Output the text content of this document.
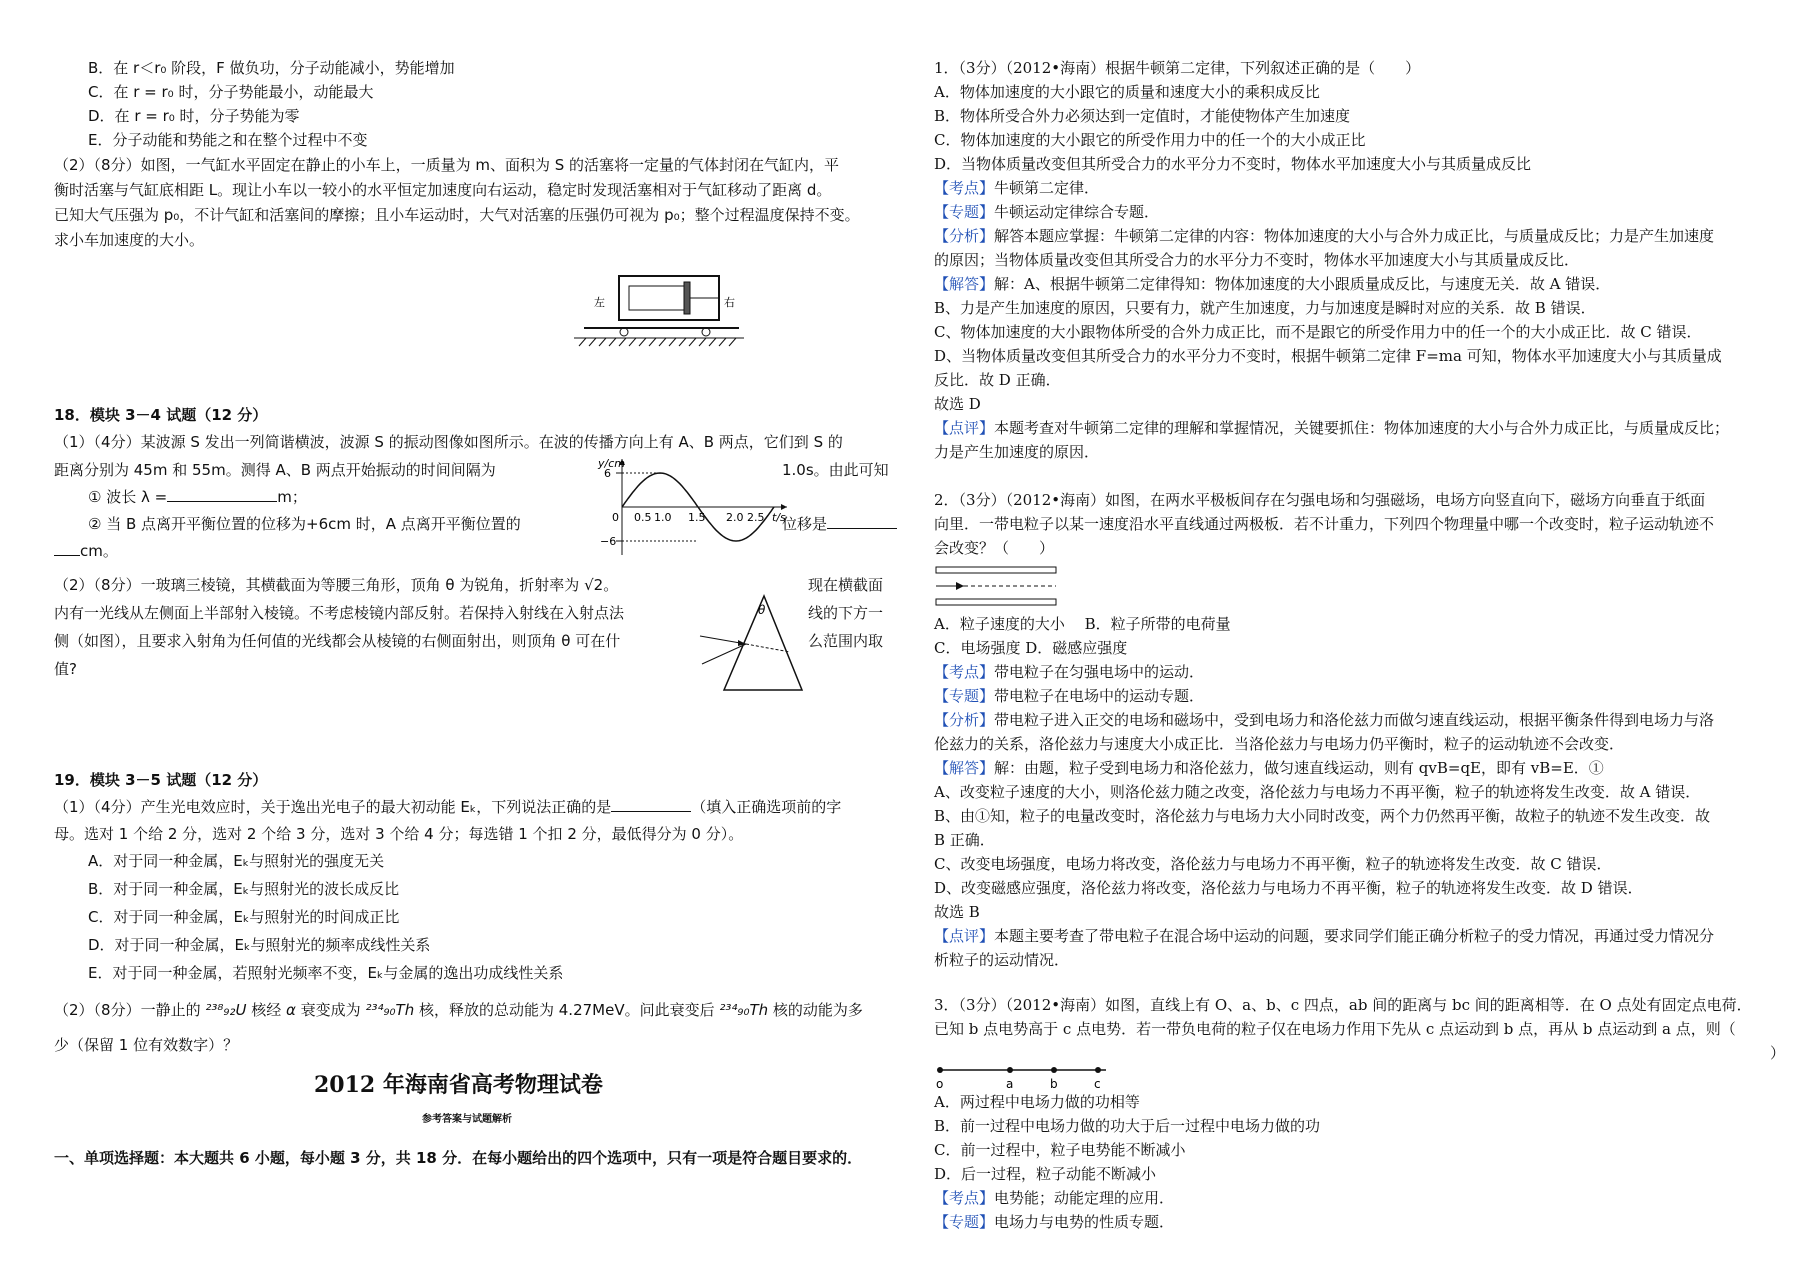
B．在 r＜r₀ 阶段，F 做负功，分子动能减小，势能增加
C．在 r = r₀ 时，分子势能最小，动能最大
D．在 r = r₀ 时，分子势能为零
E．分子动能和势能之和在整个过程中不变
（2）（8分）如图，一气缸水平固定在静止的小车上，一质量为 m、面积为 S 的活塞将一定量的气体封闭在气缸内，平
衡时活塞与气缸底相距 L。现让小车以一较小的水平恒定加速度向右运动，稳定时发现活塞相对于气缸移动了距离 d。
已知大气压强为 p₀，不计气缸和活塞间的摩擦；且小车运动时，大气对活塞的压强仍可视为 p₀；整个过程温度保持不变。
求小车加速度的大小。
左	右
18．模块 3－4 试题（12 分）
（1）（4分）某波源 S 发出一列简谐横波，波源 S 的振动图像如图所示。在波的传播方向上有 A、B 两点，它们到 S 的
距离分别为 45m 和 55m。测得 A、B 两点开始振动的时间间隔为	1.0s。由此可知
① 波长 λ =	m；
② 当 B 点离开平衡位置的位移为+6cm 时，A 点离开平衡位置的	位移是
cm。
y/cm
6
−6
0 0.5 1.0 1.5 2.0 2.5 t/s
（2）（8分）一玻璃三棱镜，其横截面为等腰三角形，顶角 θ 为锐角，折射率为 √2。	现在横截面
内有一光线从左侧面上半部射入棱镜。不考虑棱镜内部反射。若保持入射线在入射点法	线的下方一
侧（如图），且要求入射角为任何值的光线都会从棱镜的右侧面射出，则顶角 θ 可在什	么范围内取
值?
θ
19．模块 3－5 试题（12 分）
（1）（4分）产生光电效应时，关于逸出光电子的最大初动能 Eₖ，下列说法正确的是	（填入正确选项前的字
母。选对 1 个给 2 分，选对 2 个给 3 分，选对 3 个给 4 分；每选错 1 个扣 2 分，最低得分为 0 分）。
A．对于同一种金属，Eₖ与照射光的强度无关
B．对于同一种金属，Eₖ与照射光的波长成反比
C．对于同一种金属，Eₖ与照射光的时间成正比
D．对于同一种金属，Eₖ与照射光的频率成线性关系
E．对于同一种金属，若照射光频率不变，Eₖ与金属的逸出功成线性关系
（2）（8分）一静止的 ²³⁸₉₂U 核经 α 衰变成为 ²³⁴₉₀Th 核，释放的总动能为 4.27MeV。问此衰变后 ²³⁴₉₀Th 核的动能为多
少（保留 1 位有效数字）？
2012 年海南省高考物理试卷
参考答案与试题解析
一、单项选择题：本大题共 6 小题，每小题 3 分，共 18 分．在每小题给出的四个选项中，只有一项是符合题目要求的．
1．（3分）（2012•海南）根据牛顿第二定律，下列叙述正确的是（　　）
A．物体加速度的大小跟它的质量和速度大小的乘积成反比
B．物体所受合外力必须达到一定值时，才能使物体产生加速度
C．物体加速度的大小跟它的所受作用力中的任一个的大小成正比
D．当物体质量改变但其所受合力的水平分力不变时，物体水平加速度大小与其质量成反比
【考点】牛顿第二定律．
【专题】牛顿运动定律综合专题．
【分析】解答本题应掌握：牛顿第二定律的内容：物体加速度的大小与合外力成正比，与质量成反比；力是产生加速度
的原因；当物体质量改变但其所受合力的水平分力不变时，物体水平加速度大小与其质量成反比．
【解答】解：A、根据牛顿第二定律得知：物体加速度的大小跟质量成反比，与速度无关．故 A 错误．
B、力是产生加速度的原因，只要有力，就产生加速度，力与加速度是瞬时对应的关系．故 B 错误．
C、物体加速度的大小跟物体所受的合外力成正比，而不是跟它的所受作用力中的任一个的大小成正比．故 C 错误．
D、当物体质量改变但其所受合力的水平分力不变时，根据牛顿第二定律 F=ma 可知，物体水平加速度大小与其质量成
反比．故 D 正确．
故选 D
【点评】本题考查对牛顿第二定律的理解和掌握情况，关键要抓住：物体加速度的大小与合外力成正比，与质量成反比；
力是产生加速度的原因．
2．（3分）（2012•海南）如图，在两水平极板间存在匀强电场和匀强磁场，电场方向竖直向下，磁场方向垂直于纸面
向里．一带电粒子以某一速度沿水平直线通过两极板．若不计重力，下列四个物理量中哪一个改变时，粒子运动轨迹不
会改变？（　　）
A．粒子速度的大小　 B．粒子所带的电荷量
C．电场强度 D．磁感应强度
【考点】带电粒子在匀强电场中的运动．
【专题】带电粒子在电场中的运动专题．
【分析】带电粒子进入正交的电场和磁场中，受到电场力和洛伦兹力而做匀速直线运动，根据平衡条件得到电场力与洛
伦兹力的关系，洛伦兹力与速度大小成正比．当洛伦兹力与电场力仍平衡时，粒子的运动轨迹不会改变．
【解答】解：由题，粒子受到电场力和洛伦兹力，做匀速直线运动，则有 qvB=qE，即有 vB=E．①
A、改变粒子速度的大小，则洛伦兹力随之改变，洛伦兹力与电场力不再平衡，粒子的轨迹将发生改变．故 A 错误．
B、由①知，粒子的电量改变时，洛伦兹力与电场力大小同时改变，两个力仍然再平衡，故粒子的轨迹不发生改变．故
B 正确．
C、改变电场强度，电场力将改变，洛伦兹力与电场力不再平衡，粒子的轨迹将发生改变．故 C 错误．
D、改变磁感应强度，洛伦兹力将改变，洛伦兹力与电场力不再平衡，粒子的轨迹将发生改变．故 D 错误．
故选 B
【点评】本题主要考查了带电粒子在混合场中运动的问题，要求同学们能正确分析粒子的受力情况，再通过受力情况分
析粒子的运动情况．
3．（3分）（2012•海南）如图，直线上有 O、a、b、c 四点，ab 间的距离与 bc 间的距离相等．在 O 点处有固定点电荷．
已知 b 点电势高于 c 点电势．若一带负电荷的粒子仅在电场力作用下先从 c 点运动到 b 点，再从 b 点运动到 a 点，则（
）
o	a	b	c
A．两过程中电场力做的功相等
B．前一过程中电场力做的功大于后一过程中电场力做的功
C．前一过程中，粒子电势能不断减小
D．后一过程，粒子动能不断减小
【考点】电势能；动能定理的应用．
【专题】电场力与电势的性质专题．
